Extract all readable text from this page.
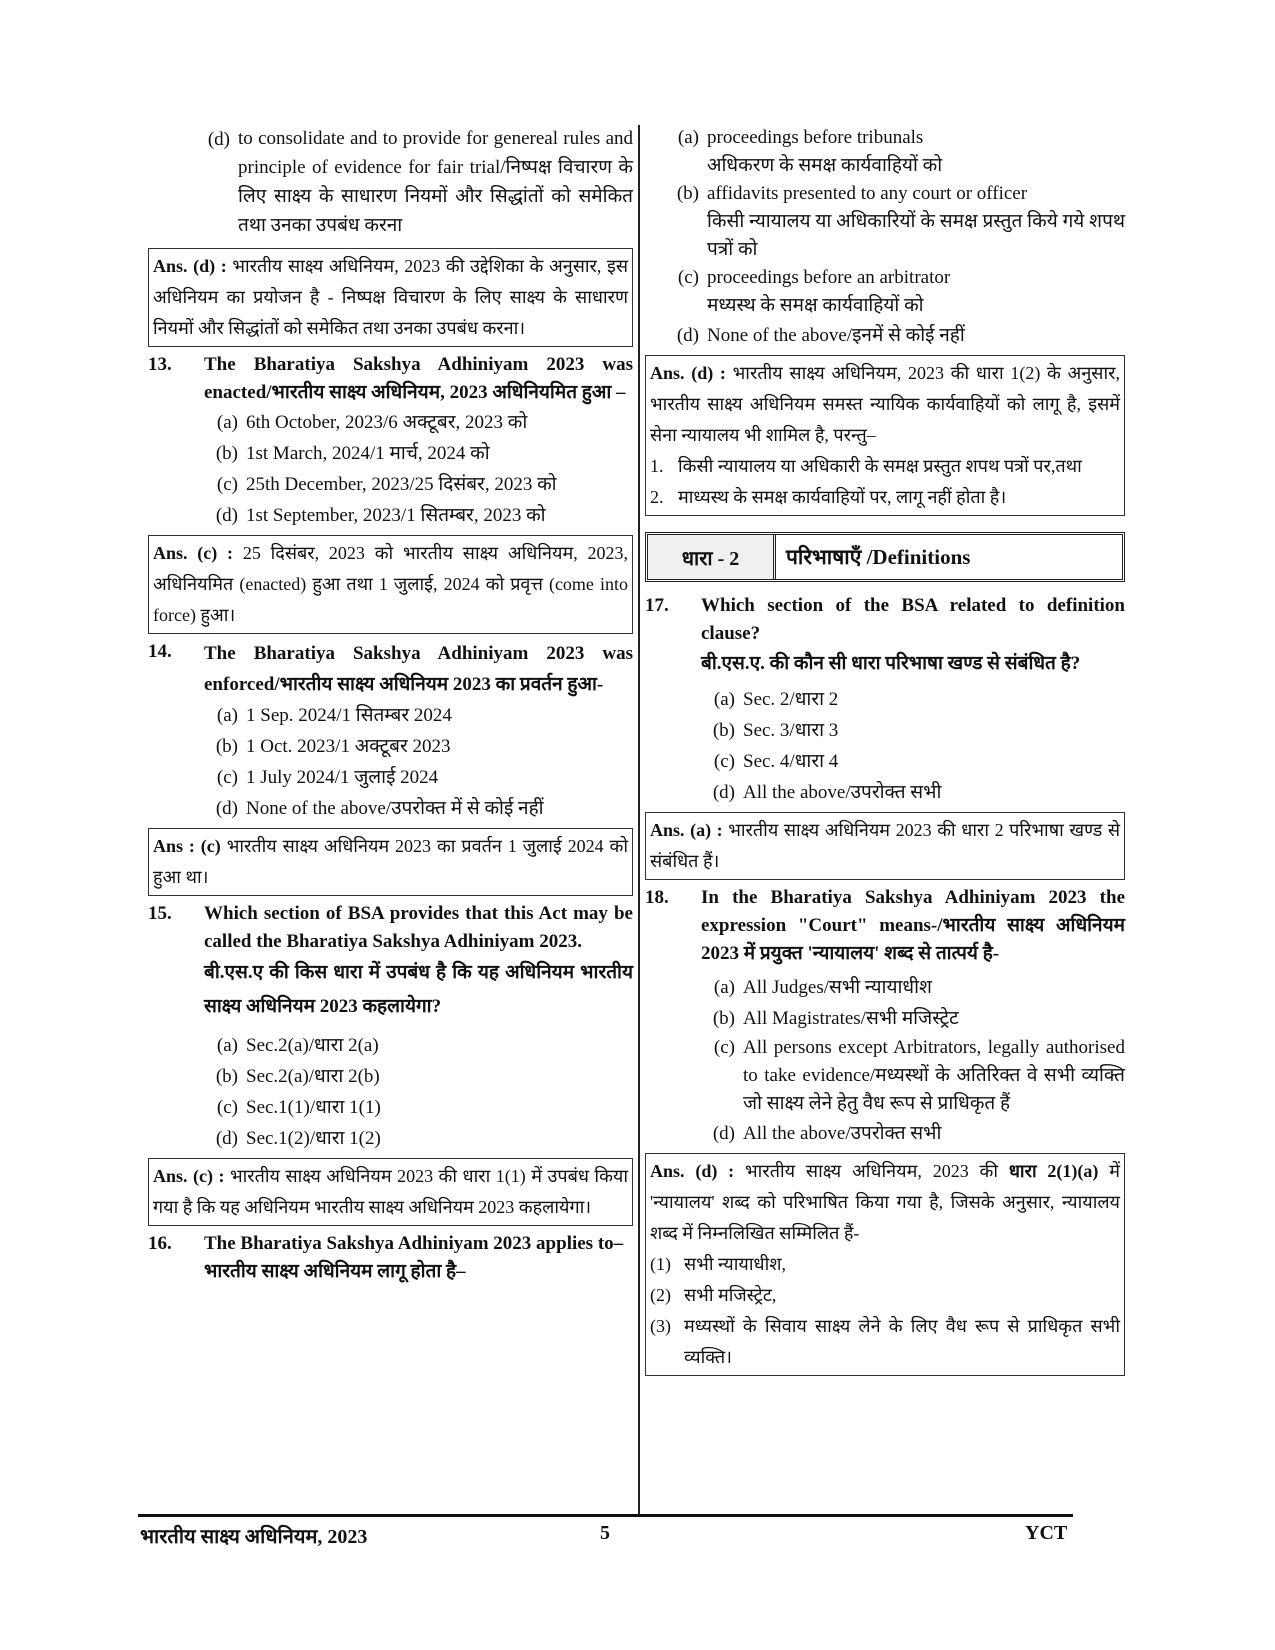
(d) to consolidate and to provide for genereal rules and principle of evidence for fair trial/निष्पक्ष विचारण के लिए साक्ष्य के साधारण नियमों और सिद्धांतों को समेकित तथा उनका उपबंध करना
Ans. (d) : भारतीय साक्ष्य अधिनियम, 2023 की उद्देशिका के अनुसार, इस अधिनियम का प्रयोजन है - निष्पक्ष विचारण के लिए साक्ष्य के साधारण नियमों और सिद्धांतों को समेकित तथा उनका उपबंध करना।
13.	The Bharatiya Sakshya Adhiniyam 2023 was enacted/भारतीय साक्ष्य अधिनियम, 2023 अधिनियमित हुआ –
(a) 6th October, 2023/6 अक्टूबर, 2023 को
(b) 1st March, 2024/1 मार्च, 2024 को
(c) 25th December, 2023/25 दिसंबर, 2023 को
(d) 1st September, 2023/1 सितम्बर, 2023 को
Ans. (c) : 25 दिसंबर, 2023 को भारतीय साक्ष्य अधिनियम, 2023, अधिनियमित (enacted) हुआ तथा 1 जुलाई, 2024 को प्रवृत्त (come into force) हुआ।
14.	The Bharatiya Sakshya Adhiniyam 2023 was enforced/भारतीय साक्ष्य अधिनियम 2023 का प्रवर्तन हुआ-
(a) 1 Sep. 2024/1 सितम्बर 2024
(b) 1 Oct. 2023/1 अक्टूबर 2023
(c) 1 July 2024/1 जुलाई 2024
(d) None of the above/उपरोक्त में से कोई नहीं
Ans : (c) भारतीय साक्ष्य अधिनियम 2023 का प्रवर्तन 1 जुलाई 2024 को हुआ था।
15.	Which section of BSA provides that this Act may be called the Bharatiya Sakshya Adhiniyam 2023.
बी.एस.ए की किस धारा में उपबंध है कि यह अधिनियम भारतीय साक्ष्य अधिनियम 2023 कहलायेगा?
(a) Sec.2(a)/धारा 2(a)
(b) Sec.2(a)/धारा 2(b)
(c) Sec.1(1)/धारा 1(1)
(d) Sec.1(2)/धारा 1(2)
Ans. (c) : भारतीय साक्ष्य अधिनियम 2023 की धारा 1(1) में उपबंध किया गया है कि यह अधिनियम भारतीय साक्ष्य अधिनियम 2023 कहलायेगा।
16.	The Bharatiya Sakshya Adhiniyam 2023 applies to–
भारतीय साक्ष्य अधिनियम लागू होता है–
(a) proceedings before tribunals
अधिकरण के समक्ष कार्यवाहियों को
(b) affidavits presented to any court or officer
किसी न्यायालय या अधिकारियों के समक्ष प्रस्तुत किये गये शपथ पत्रों को
(c) proceedings before an arbitrator
मध्यस्थ के समक्ष कार्यवाहियों को
(d) None of the above/इनमें से कोई नहीं
Ans. (d) : भारतीय साक्ष्य अधिनियम, 2023 की धारा 1(2) के अनुसार, भारतीय साक्ष्य अधिनियम समस्त न्यायिक कार्यवाहियों को लागू है, इसमें सेना न्यायालय भी शामिल है, परन्तु–
1. किसी न्यायालय या अधिकारी के समक्ष प्रस्तुत शपथ पत्रों पर,तथा
2. माध्यस्थ के समक्ष कार्यवाहियों पर, लागू नहीं होता है।
धारा - 2	परिभाषाएँ /Definitions
17.	Which section of the BSA related to definition clause?
बी.एस.ए. की कौन सी धारा परिभाषा खण्ड से संबंधित है?
(a) Sec. 2/धारा 2
(b) Sec. 3/धारा 3
(c) Sec. 4/धारा 4
(d) All the above/उपरोक्त सभी
Ans. (a) : भारतीय साक्ष्य अधिनियम 2023 की धारा 2 परिभाषा खण्ड से संबंधित हैं।
18.	In the Bharatiya Sakshya Adhiniyam 2023 the expression "Court" means-/भारतीय साक्ष्य अधिनियम 2023 में प्रयुक्त 'न्यायालय' शब्द से तात्पर्य है-
(a) All Judges/सभी न्यायाधीश
(b) All Magistrates/सभी मजिस्ट्रेट
(c) All persons except Arbitrators, legally authorised to take evidence/मध्यस्थों के अतिरिक्त वे सभी व्यक्ति जो साक्ष्य लेने हेतु वैध रूप से प्राधिकृत हैं
(d) All the above/उपरोक्त सभी
Ans. (d) : भारतीय साक्ष्य अधिनियम, 2023 की धारा 2(1)(a) में 'न्यायालय' शब्द को परिभाषित किया गया है, जिसके अनुसार, न्यायालय शब्द में निम्नलिखित सम्मिलित हैं-
(1) सभी न्यायाधीश,
(2) सभी मजिस्ट्रेट,
(3) मध्यस्थों के सिवाय साक्ष्य लेने के लिए वैध रूप से प्राधिकृत सभी व्यक्ति।
भारतीय साक्ष्य अधिनियम, 2023	5	YCT
